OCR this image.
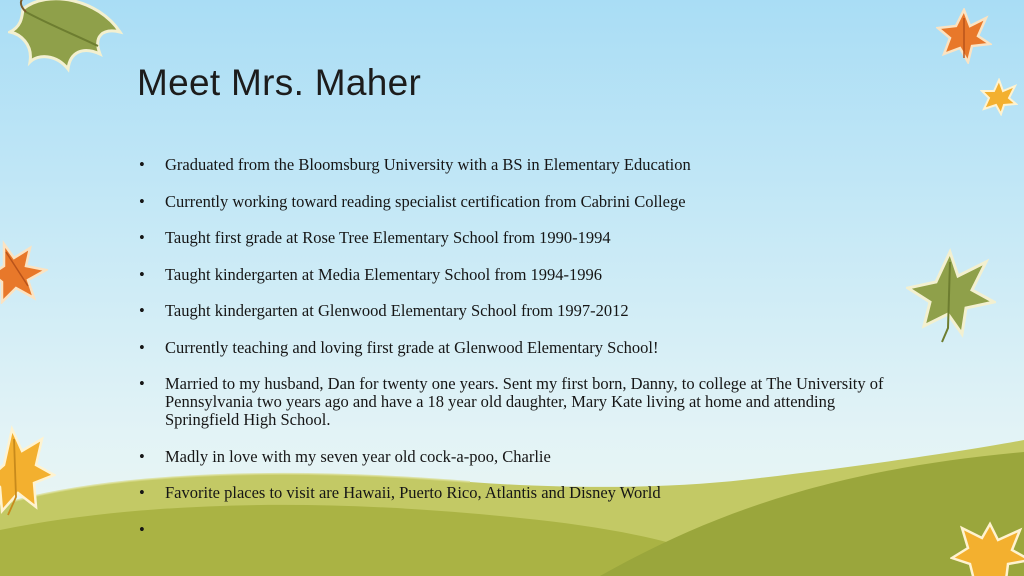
Meet Mrs. Maher
• Graduated from the Bloomsburg University with a BS in Elementary Education
• Currently working toward reading specialist certification from Cabrini College
• Taught first grade at Rose Tree Elementary School from 1990-1994
• Taught kindergarten at Media Elementary School from 1994-1996
• Taught kindergarten at Glenwood Elementary School from 1997-2012
• Currently teaching and loving first grade at Glenwood Elementary School!
• Married to my husband, Dan for twenty one years. Sent my first born, Danny, to college at The University of Pennsylvania two years ago and have a 18 year old daughter, Mary Kate living at home and attending Springfield High School.
• Madly in love with my seven year old cock-a-poo, Charlie
• Favorite places to visit are Hawaii, Puerto Rico, Atlantis and Disney World
•
